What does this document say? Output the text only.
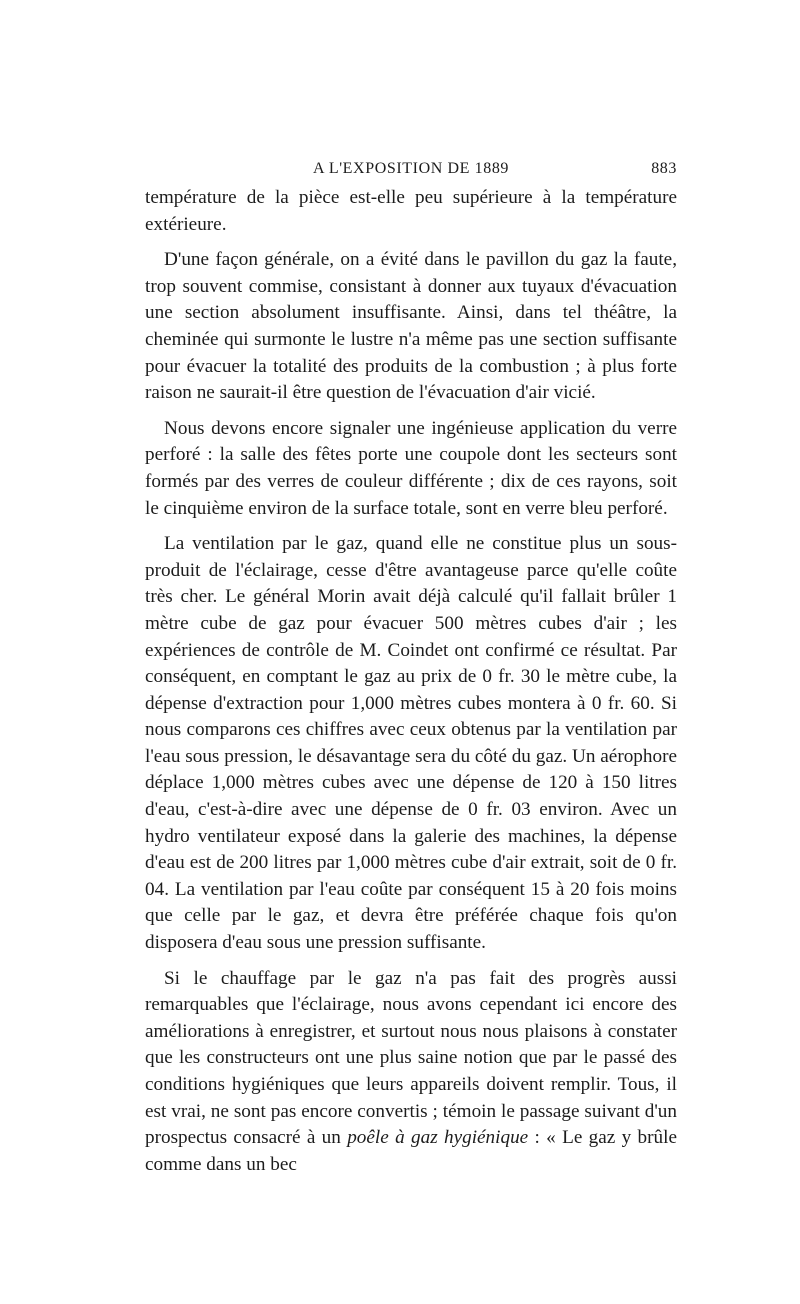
A L'EXPOSITION DE 1889	883

température de la pièce est-elle peu supérieure à la température extérieure.

D'une façon générale, on a évité dans le pavillon du gaz la faute, trop souvent commise, consistant à donner aux tuyaux d'évacuation une section absolument insuffisante. Ainsi, dans tel théâtre, la cheminée qui surmonte le lustre n'a même pas une section suffisante pour évacuer la totalité des produits de la combustion ; à plus forte raison ne saurait-il être question de l'évacuation d'air vicié.

Nous devons encore signaler une ingénieuse application du verre perforé : la salle des fêtes porte une coupole dont les secteurs sont formés par des verres de couleur différente ; dix de ces rayons, soit le cinquième environ de la surface totale, sont en verre bleu perforé.

La ventilation par le gaz, quand elle ne constitue plus un sous-produit de l'éclairage, cesse d'être avantageuse parce qu'elle coûte très cher. Le général Morin avait déjà calculé qu'il fallait brûler 1 mètre cube de gaz pour évacuer 500 mètres cubes d'air ; les expériences de contrôle de M. Coindet ont confirmé ce résultat. Par conséquent, en comptant le gaz au prix de 0 fr. 30 le mètre cube, la dépense d'extraction pour 1,000 mètres cubes montera à 0 fr. 60. Si nous comparons ces chiffres avec ceux obtenus par la ventilation par l'eau sous pression, le désavantage sera du côté du gaz. Un aérophore déplace 1,000 mètres cubes avec une dépense de 120 à 150 litres d'eau, c'est-à-dire avec une dépense de 0 fr. 03 environ. Avec un hydro ventilateur exposé dans la galerie des machines, la dépense d'eau est de 200 litres par 1,000 mètres cube d'air extrait, soit de 0 fr. 04. La ventilation par l'eau coûte par conséquent 15 à 20 fois moins que celle par le gaz, et devra être préférée chaque fois qu'on disposera d'eau sous une pression suffisante.

Si le chauffage par le gaz n'a pas fait des progrès aussi remarquables que l'éclairage, nous avons cependant ici encore des améliorations à enregistrer, et surtout nous nous plaisons à constater que les constructeurs ont une plus saine notion que par le passé des conditions hygiéniques que leurs appareils doivent remplir. Tous, il est vrai, ne sont pas encore convertis ; témoin le passage suivant d'un prospectus consacré à un poêle à gaz hygiénique : « Le gaz y brûle comme dans un bec
